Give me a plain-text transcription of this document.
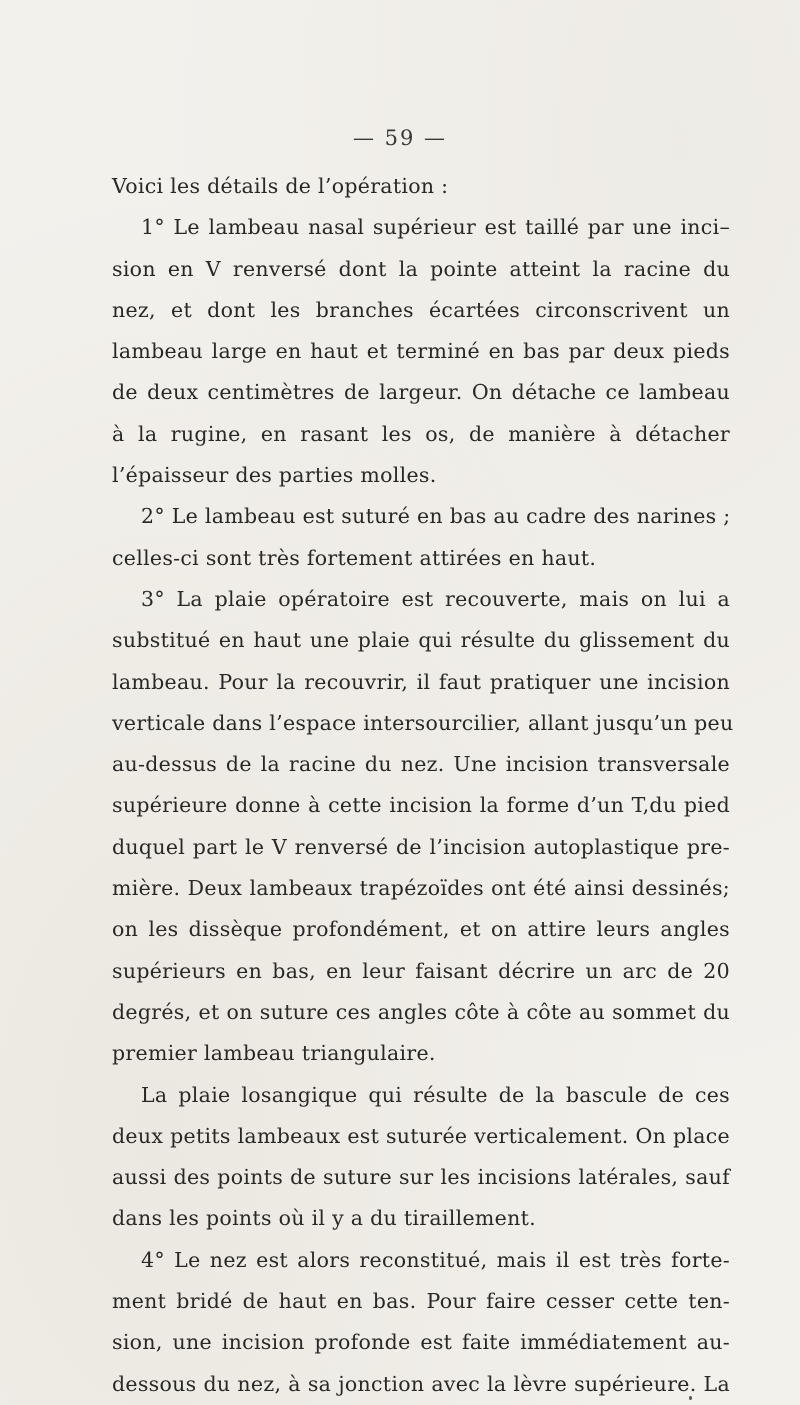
— 59 —
Voici les détails de l’opération :
1° Le lambeau nasal supérieur est taillé par une inci–
sion en V renversé dont la pointe atteint la racine du
nez, et dont les branches écartées circonscrivent un
lambeau large en haut et terminé en bas par deux pieds
de deux centimètres de largeur. On détache ce lambeau
à la rugine, en rasant les os, de manière à détacher
l’épaisseur des parties molles.
2° Le lambeau est suturé en bas au cadre des narines ;
celles-ci sont très fortement attirées en haut.
3° La plaie opératoire est recouverte, mais on lui a
substitué en haut une plaie qui résulte du glissement du
lambeau. Pour la recouvrir, il faut pratiquer une incision
verticale dans l’espace intersourcilier, allant jusqu’un peu
au-dessus de la racine du nez. Une incision transversale
supérieure donne à cette incision la forme d’un T,du pied
duquel part le V renversé de l’incision autoplastique pre-
mière. Deux lambeaux trapézoïdes ont été ainsi dessinés;
on les dissèque profondément, et on attire leurs angles
supérieurs en bas, en leur faisant décrire un arc de 20
degrés, et on suture ces angles côte à côte au sommet du
premier lambeau triangulaire.
La plaie losangique qui résulte de la bascule de ces
deux petits lambeaux est suturée verticalement. On place
aussi des points de suture sur les incisions latérales, sauf
dans les points où il y a du tiraillement.
4° Le nez est alors reconstitué, mais il est très forte-
ment bridé de haut en bas. Pour faire cesser cette ten-
sion, une incision profonde est faite immédiatement au-
dessous du nez, à sa jonction avec la lèvre supérieure. La
